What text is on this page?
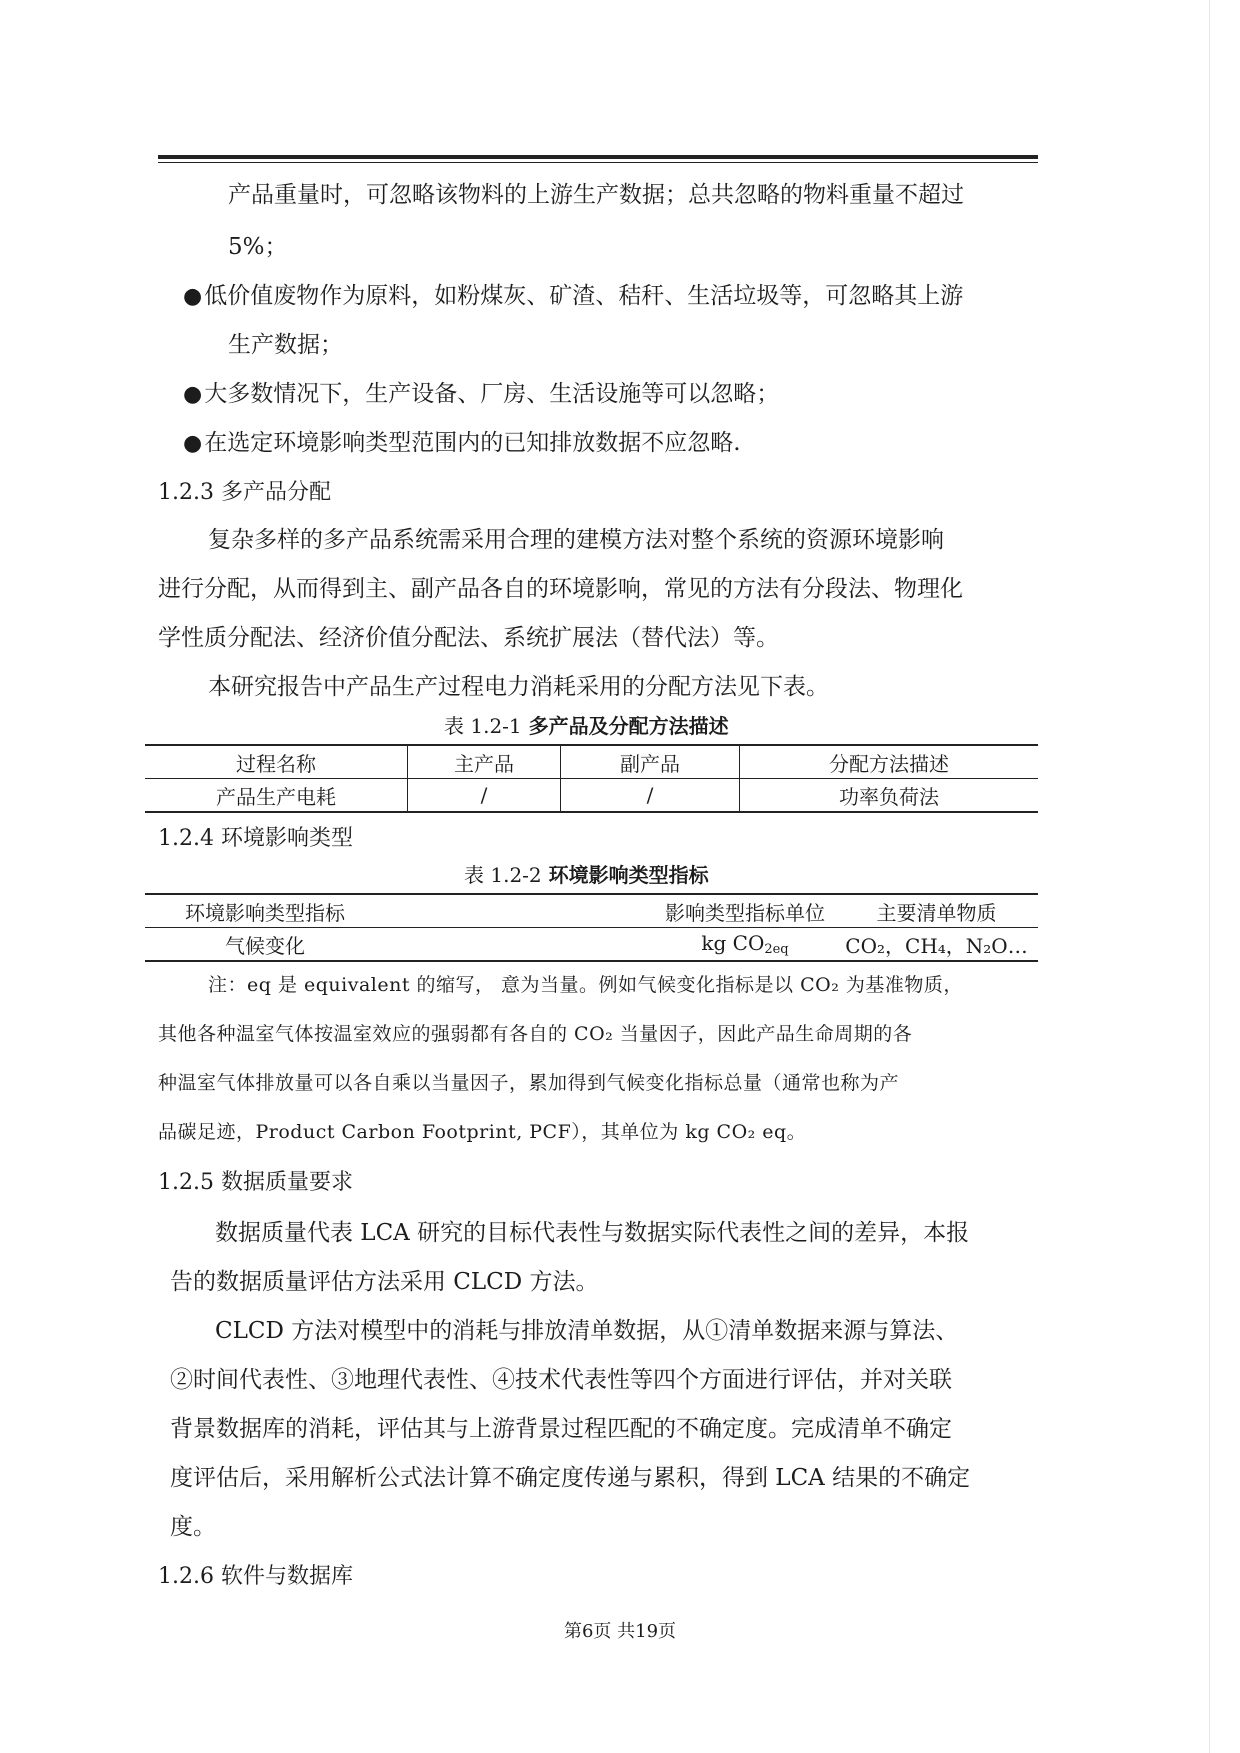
产品重量时，可忽略该物料的上游生产数据；总共忽略的物料重量不超过
5%；
●低价值废物作为原料，如粉煤灰、矿渣、秸秆、生活垃圾等，可忽略其上游
生产数据；
●大多数情况下，生产设备、厂房、生活设施等可以忽略；
●在选定环境影响类型范围内的已知排放数据不应忽略.
1.2.3 多产品分配
复杂多样的多产品系统需采用合理的建模方法对整个系统的资源环境影响
进行分配，从而得到主、副产品各自的环境影响，常见的方法有分段法、物理化
学性质分配法、经济价值分配法、系统扩展法（替代法）等。
本研究报告中产品生产过程电力消耗采用的分配方法见下表。
表 1.2-1 多产品及分配方法描述
过程名称	主产品	副产品	分配方法描述
产品生产电耗	/	/	功率负荷法
1.2.4 环境影响类型
表 1.2-2 环境影响类型指标
环境影响类型指标		影响类型指标单位	主要清单物质
气候变化		kg $CO_{2eq}$	CO₂，CH₄，N₂O…
注：eq 是 equivalent 的缩写， 意为当量。例如气候变化指标是以 CO₂ 为基准物质，
其他各种温室气体按温室效应的强弱都有各自的 CO₂ 当量因子，因此产品生命周期的各
种温室气体排放量可以各自乘以当量因子，累加得到气候变化指标总量（通常也称为产
品碳足迹，Product Carbon Footprint, PCF），其单位为 kg CO₂ eq。
1.2.5 数据质量要求
数据质量代表 LCA 研究的目标代表性与数据实际代表性之间的差异，本报
告的数据质量评估方法采用 CLCD 方法。
CLCD 方法对模型中的消耗与排放清单数据，从①清单数据来源与算法、
②时间代表性、③地理代表性、④技术代表性等四个方面进行评估，并对关联
背景数据库的消耗，评估其与上游背景过程匹配的不确定度。完成清单不确定
度评估后，采用解析公式法计算不确定度传递与累积，得到 LCA 结果的不确定
度。
1.2.6 软件与数据库
第6页 共19页
